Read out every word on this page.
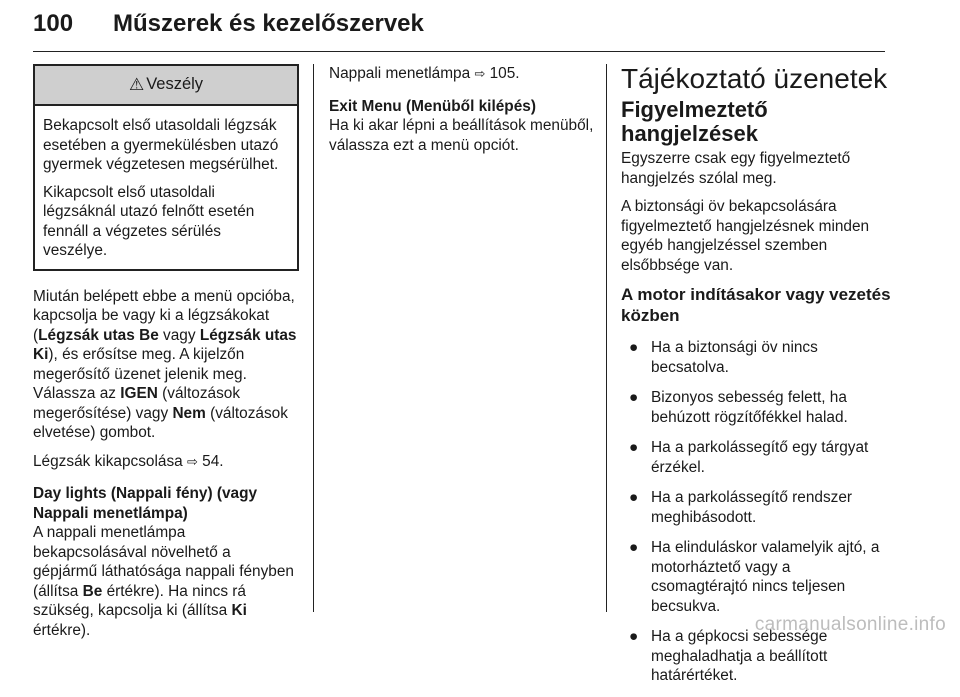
100 Műszerek és kezelőszervek
⚠ Veszély

Bekapcsolt első utasoldali légzsák esetében a gyermekülésben utazó gyermek végzetesen megsérülhet.

Kikapcsolt első utasoldali légzsáknál utazó felnőtt esetén fennáll a végzetes sérülés veszélye.

Miután belépett ebbe a menü opcióba, kapcsolja be vagy ki a légzsákokat (Légzsák utas Be vagy Légzsák utas Ki), és erősítse meg. A kijelzőn megerősítő üzenet jelenik meg. Válassza az IGEN (változások megerősítése) vagy Nem (változások elvetése) gombot.

Légzsák kikapcsolása ⇨ 54.

Day lights (Nappali fény) (vagy Nappali menetlámpa)

A nappali menetlámpa bekapcsolásával növelhető a gépjármű láthatósága nappali fényben (állítsa Be értékre). Ha nincs rá szükség, kapcsolja ki (állítsa Ki értékre).

Nappali menetlámpa ⇨ 105.

Exit Menu (Menüből kilépés)

Ha ki akar lépni a beállítások menüből, válassza ezt a menü opciót.

Tájékoztató üzenetek
Figyelmeztető hangjelzések

Egyszerre csak egy figyelmeztető hangjelzés szólal meg.

A biztonsági öv bekapcsolására figyelmeztető hangjelzésnek minden egyéb hangjelzéssel szemben elsőbbsége van.

A motor indításakor vagy vezetés közben
● Ha a biztonsági öv nincs becsatolva.
● Bizonyos sebesség felett, ha behúzott rögzítőfékkel halad.
● Ha a parkolássegítő egy tárgyat érzékel.
● Ha a parkolássegítő rendszer meghibásodott.
● Ha elinduláskor valamelyik ajtó, a motorháztető vagy a csomagtérajtó nincs teljesen becsukva.
● Ha a gépkocsi sebessége meghaladhatja a beállított határértéket.
carmanualsonline.info
